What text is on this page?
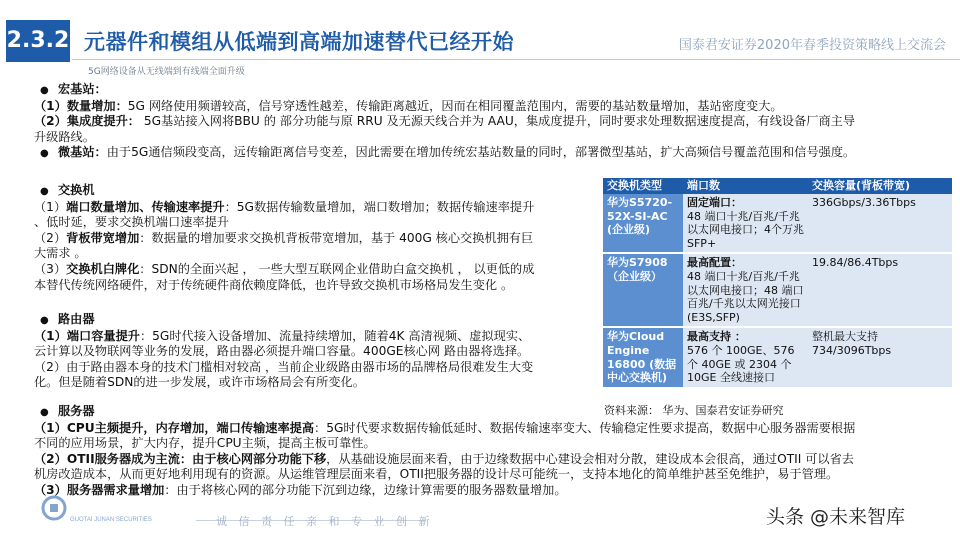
2.3.2 元器件和模组从低端到高端加速替代已经开始	国泰君安证券2020年春季投资策略线上交流会
5G网络设备从无线端到有线端全面升级
● 宏基站：
（1）数量增加：5G 网络使用频谱较高，信号穿透性越差，传输距离越近，因而在相同覆盖范围内，需要的基站数量增加，基站密度变大。
（2）集成度提升： 5G基站接入网将BBU 的 部分功能与原 RRU 及无源天线合并为 AAU，集成度提升，同时要求处理数据速度提高，有线设备厂商主导
升级路线。
● 微基站：由于5G通信频段变高，远传输距离信号变差，因此需要在增加传统宏基站数量的同时，部署微型基站，扩大高频信号覆盖范围和信号强度。
● 交换机
（1）端口数量增加、传输速率提升：5G数据传输数量增加，端口数增加；数据传输速率提升
、低时延，要求交换机端口速率提升
（2）背板带宽增加：数据量的增加要求交换机背板带宽增加，基于 400G 核心交换机拥有巨
大需求 。
（3）交换机白牌化：SDN的全面兴起 ， 一些大型互联网企业借助白盒交换机 ， 以更低的成
本替代传统网络硬件，对于传统硬件商依赖度降低，也许导致交换机市场格局发生变化 。
● 路由器
（1）端口容量提升：5G时代接入设备增加、流量持续增加，随着4K 高清视频、虚拟现实、
云计算以及物联网等业务的发展，路由器必须提升端口容量。400GE核心网 路由器将选择。
（2）由于路由器本身的技术门槛相对较高 ，当前企业级路由器市场的品牌格局很难发生大变
化。但是随着SDN的进一步发展，或许市场格局会有所变化。
● 服务器
（1）CPU主频提升，内存增加，端口传输速率提高：5G时代要求数据传输低延时、数据传输速率变大、传输稳定性要求提高，数据中心服务器需要根据
不同的应用场景，扩大内存，提升CPU主频，提高主板可靠性。
（2）OTII服务器成为主流：由于核心网部分功能下移，从基础设施层面来看，由于边缘数据中心建设会相对分散，建设成本会很高，通过OTII 可以省去
机房改造成本，从而更好地利用现有的资源。从运维管理层面来看，OTII把服务器的设计尽可能统一，支持本地化的简单维护甚至免维护，易于管理。
（3）服务器需求量增加：由于将核心网的部分功能下沉到边缘，边缘计算需要的服务器数量增加。
交换机类型	端口数	交换容量(背板带宽)
华为S5720-52X-SI-AC (企业级)	固定端口：
48 端口十兆/百兆/千兆以太网电接口；4个万兆SFP+	336Gbps/3.36Tbps
华为S7908 （企业级）	最高配置：
48 端口十兆/百兆/千兆以太网电接口；48 端口百兆/千兆以太网光接口 (E3S,SFP)	19.84/86.4Tbps
华为Cloud Engine 16800 (数据中心交换机)	最高支持 ：
576 个 100GE、576 个 40GE 或 2304 个 10GE 全线速接口	整机最大支持 734/3096Tbps
资料来源： 华为、国泰君安证券研究
GUOTAI JUNAN SECURITIES	诚 信 责 任 亲 和 专 业 创 新	头条 @未来智库
